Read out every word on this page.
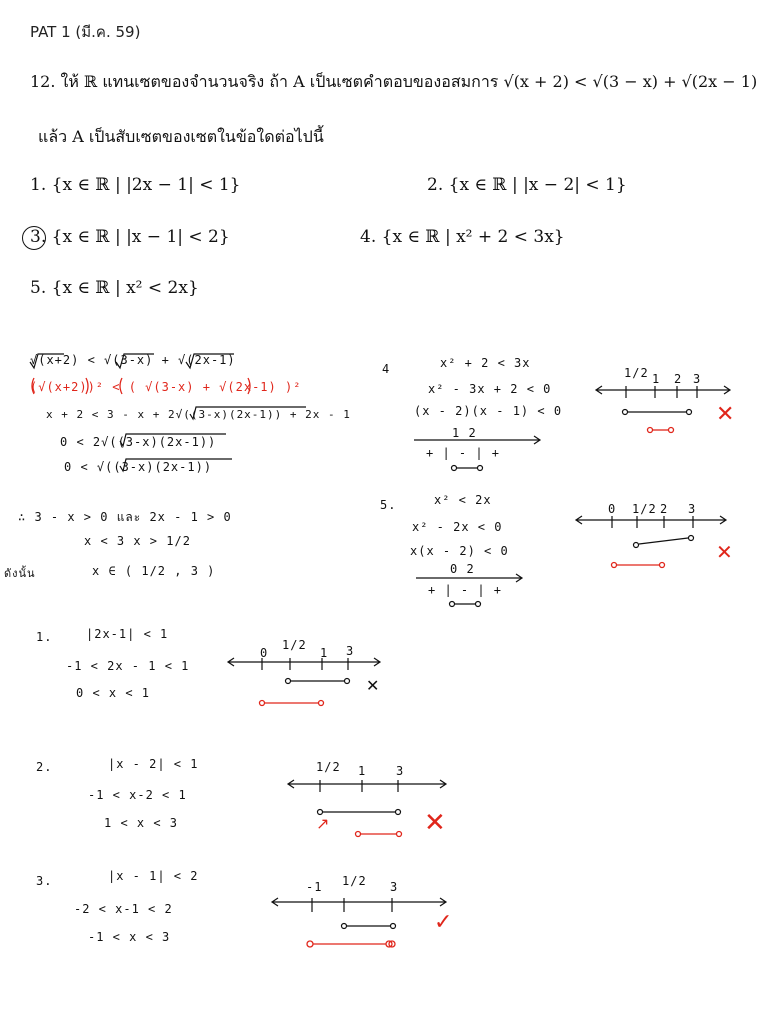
PAT 1 (มี.ค. 59)
12. ให้ ℝ แทนเซตของจำนวนจริง ถ้า A เป็นเซตคำตอบของอสมการ √(x + 2) < √(3 − x) + √(2x − 1)
แล้ว A เป็นสับเซตของเซตในข้อใดต่อไปนี้
1. {x ∈ ℝ | |2x − 1| < 1}	2. {x ∈ ℝ | |x − 2| < 1}
3. {x ∈ ℝ | |x − 1| < 2}	4. {x ∈ ℝ | x² + 2 < 3x}
5. {x ∈ ℝ | x² < 2x}
√(x+2) < √(3-x) + √(2x-1)
(√(x+2))² < ( √(3-x) + √(2x-1) )²
x + 2 < 3 - x + 2√((3-x)(2x-1)) + 2x - 1
0 < 2√((3-x)(2x-1))
0 < √((3-x)(2x-1))
∴ 3 - x > 0 และ 2x - 1 > 0
x < 3 x > 1/2
ดังนั้น	x ∈ ( 1/2 , 3 )
4	x² + 2 < 3x
x² - 3x + 2 < 0
(x - 2)(x - 1) < 0
1 2
+ | - | +
1/2 1 2 3
✕
5.	x² < 2x
x² - 2x < 0
x(x - 2) < 0
0 2
+ | - | +
0 1/2 2 3
✕
1.	|2x-1| < 1
-1 < 2x - 1 < 1
0 < x < 1
0
1/2
1 3
✕
2.	|x - 2| < 1
-1 < x-2 < 1
1 < x < 3
1/2 1 3
↗	✕
3.	|x - 1| < 2
-2 < x-1 < 2
-1 < x < 3
-1 1/2 3
✓
